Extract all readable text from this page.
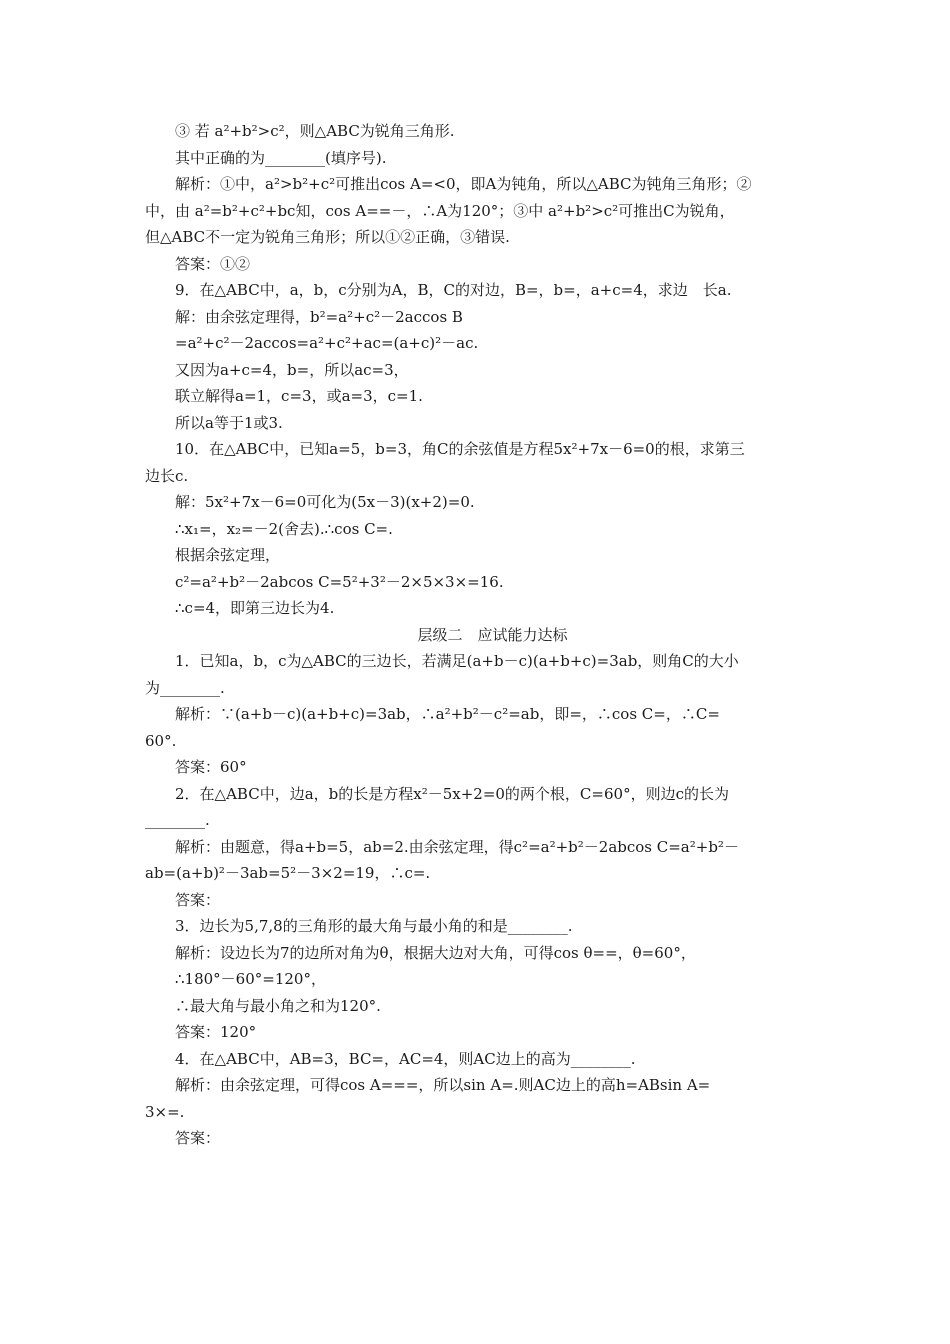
③ 若 a²+b²>c²，则△ABC为锐角三角形.
其中正确的为________(填序号).
解析：①中，a²>b²+c²可推出cos A=<0，即A为钝角，所以△ABC为钝角三角形；②
中，由 a²=b²+c²+bc知，cos A==－，∴A为120°；③中 a²+b²>c²可推出C为锐角，
但△ABC不一定为锐角三角形；所以①②正确，③错误.
答案：①②
9．在△ABC中，a，b，c分别为A，B，C的对边，B=，b=，a+c=4，求边　长a.
解：由余弦定理得，b²=a²+c²－2accos B
=a²+c²－2accos=a²+c²+ac=(a+c)²－ac.
又因为a+c=4，b=，所以ac=3，
联立解得a=1，c=3，或a=3，c=1.
所以a等于1或3.
10．在△ABC中，已知a=5，b=3，角C的余弦值是方程5x²+7x－6=0的根，求第三
边长c.
解：5x²+7x－6=0可化为(5x－3)(x+2)=0.
∴x₁=，x₂=－2(舍去).∴cos C=.
根据余弦定理，
c²=a²+b²－2abcos C=5²+3²－2×5×3×=16.
∴c=4，即第三边长为4.
层级二　应试能力达标
1．已知a，b，c为△ABC的三边长，若满足(a+b－c)(a+b+c)=3ab，则角C的大小
为________.
解析：∵(a+b－c)(a+b+c)=3ab，∴a²+b²－c²=ab，即=，∴cos C=，∴C=
60°.
答案：60°
2．在△ABC中，边a，b的长是方程x²－5x+2=0的两个根，C=60°，则边c的长为
________.
解析：由题意，得a+b=5，ab=2.由余弦定理，得c²=a²+b²－2abcos C=a²+b²－
ab=(a+b)²－3ab=5²－3×2=19，∴c=.
答案：
3．边长为5,7,8的三角形的最大角与最小角的和是________.
解析：设边长为7的边所对角为θ，根据大边对大角，可得cos θ==，θ=60°，
∴180°－60°=120°，
∴最大角与最小角之和为120°.
答案：120°
4．在△ABC中，AB=3，BC=，AC=4，则AC边上的高为________.
解析：由余弦定理，可得cos A===，所以sin A=.则AC边上的高h=ABsin A=
3×=.
答案：
